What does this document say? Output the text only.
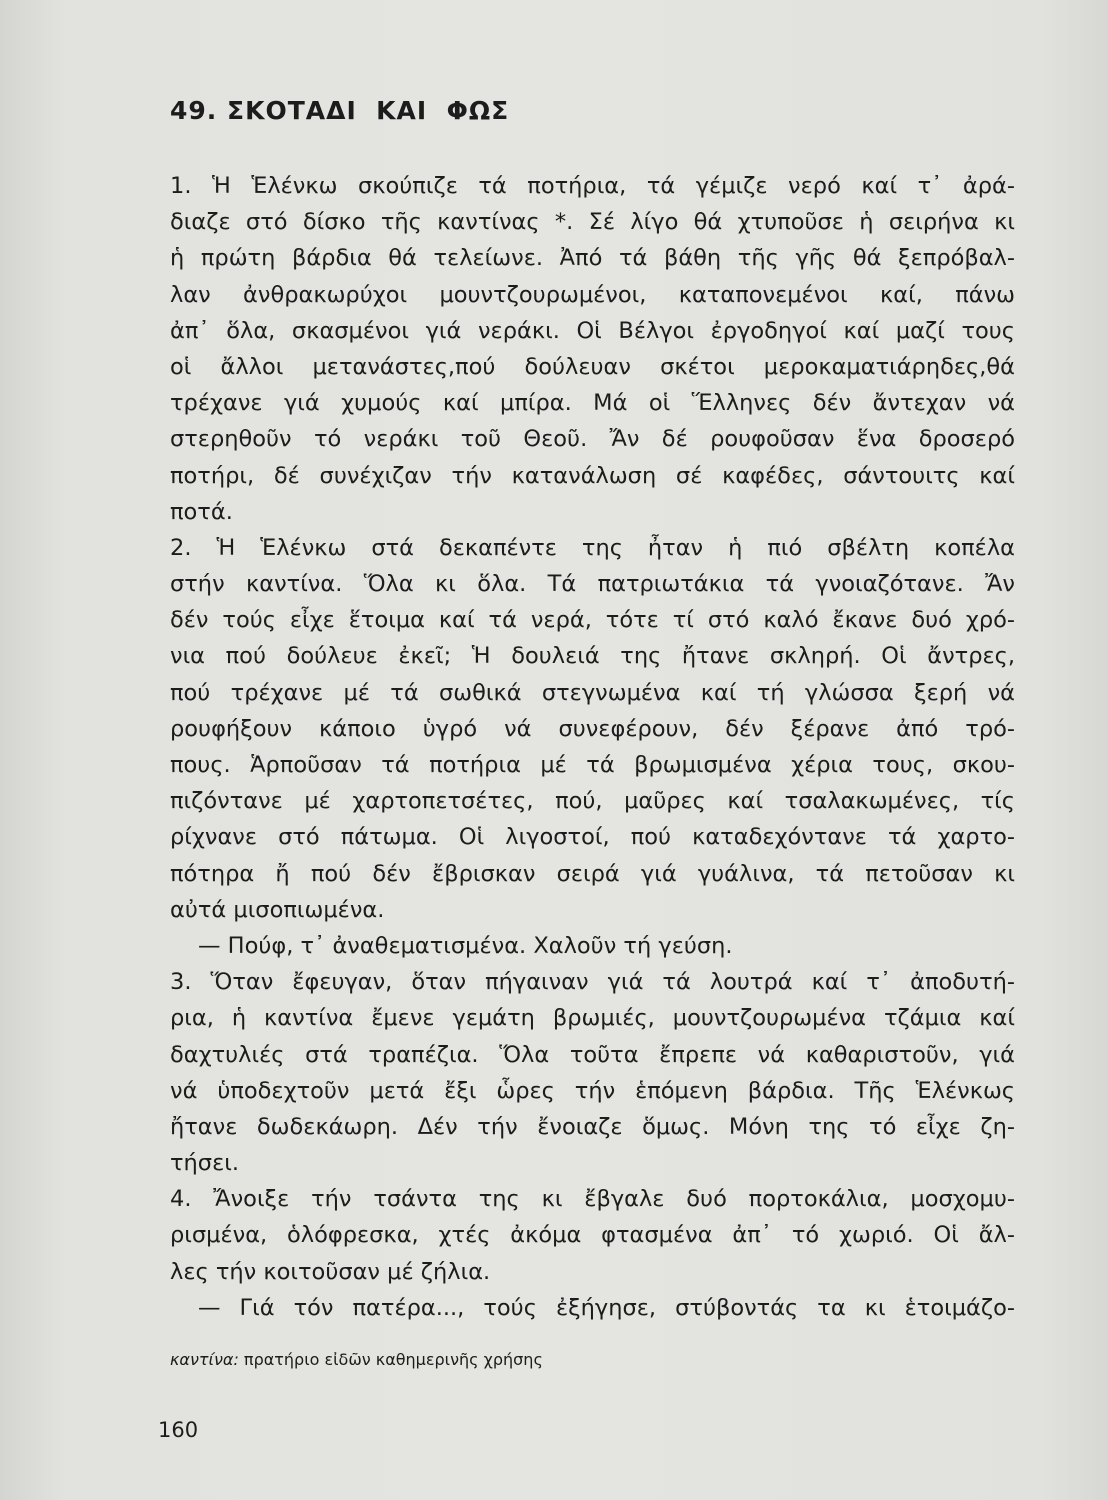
49. ΣΚΟΤΑΔΙ  ΚΑΙ  ΦΩΣ
1. Ἡ Ἑλένκω σκούπιζε τά ποτήρια, τά γέμιζε νερό καί τ᾽ ἀρά-
διαζε στό δίσκο τῆς καντίνας *. Σέ λίγο θά χτυποῦσε ἡ σειρήνα κι
ἡ πρώτη βάρδια θά τελείωνε. Ἀπό τά βάθη τῆς γῆς θά ξεπρόβαλ-
λαν ἀνθρακωρύχοι μουντζουρωμένοι, καταπονεμένοι καί, πάνω
ἀπ᾽ ὅλα, σκασμένοι γιά νεράκι. Οἱ Βέλγοι ἐργοδηγοί καί μαζί τους
οἱ ἄλλοι μετανάστες,πού δούλευαν σκέτοι μεροκαματιάρηδες,θά
τρέχανε γιά χυμούς καί μπίρα. Μά οἱ Ἕλληνες δέν ἄντεχαν νά
στερηθοῦν τό νεράκι τοῦ Θεοῦ. Ἄν δέ ρουφοῦσαν ἕνα δροσερό
ποτήρι, δέ συνέχιζαν τήν κατανάλωση σέ καφέδες, σάντουιτς καί
ποτά.
2. Ἡ Ἑλένκω στά δεκαπέντε της ἦταν ἡ πιό σβέλτη κοπέλα
στήν καντίνα. Ὅλα κι ὅλα. Τά πατριωτάκια τά γνοιαζότανε. Ἄν
δέν τούς εἶχε ἕτοιμα καί τά νερά, τότε τί στό καλό ἔκανε δυό χρό-
νια πού δούλευε ἐκεῖ; Ἡ δουλειά της ἤτανε σκληρή. Οἱ ἄντρες,
πού τρέχανε μέ τά σωθικά στεγνωμένα καί τή γλώσσα ξερή νά
ρουφήξουν κάποιο ὑγρό νά συνεφέρουν, δέν ξέρανε ἀπό τρό-
πους. Ἁρποῦσαν τά ποτήρια μέ τά βρωμισμένα χέρια τους, σκου-
πιζόντανε μέ χαρτοπετσέτες, πού, μαῦρες καί τσαλακωμένες, τίς
ρίχνανε στό πάτωμα. Οἱ λιγοστοί, πού καταδεχόντανε τά χαρτο-
πότηρα ἤ πού δέν ἔβρισκαν σειρά γιά γυάλινα, τά πετοῦσαν κι
αὐτά μισοπιωμένα.
— Πούφ, τ᾽ ἀναθεματισμένα. Χαλοῦν τή γεύση.
3. Ὅταν ἔφευγαν, ὅταν πήγαιναν γιά τά λουτρά καί τ᾽ ἀποδυτή-
ρια, ἡ καντίνα ἔμενε γεμάτη βρωμιές, μουντζουρωμένα τζάμια καί
δαχτυλιές στά τραπέζια. Ὅλα τοῦτα ἔπρεπε νά καθαριστοῦν, γιά
νά ὑποδεχτοῦν μετά ἔξι ὧρες τήν ἑπόμενη βάρδια. Τῆς Ἑλένκως
ἤτανε δωδεκάωρη. Δέν τήν ἔνοιαζε ὅμως. Μόνη της τό εἶχε ζη-
τήσει.
4. Ἄνοιξε τήν τσάντα της κι ἔβγαλε δυό πορτοκάλια, μοσχομυ-
ρισμένα, ὁλόφρεσκα, χτές ἀκόμα φτασμένα ἀπ᾽ τό χωριό. Οἱ ἄλ-
λες τήν κοιτοῦσαν μέ ζήλια.
— Γιά τόν πατέρα..., τούς ἐξήγησε, στύβοντάς τα κι ἑτοιμάζο-
καντίνα: πρατήριο εἰδῶν καθημερινῆς χρήσης
160
